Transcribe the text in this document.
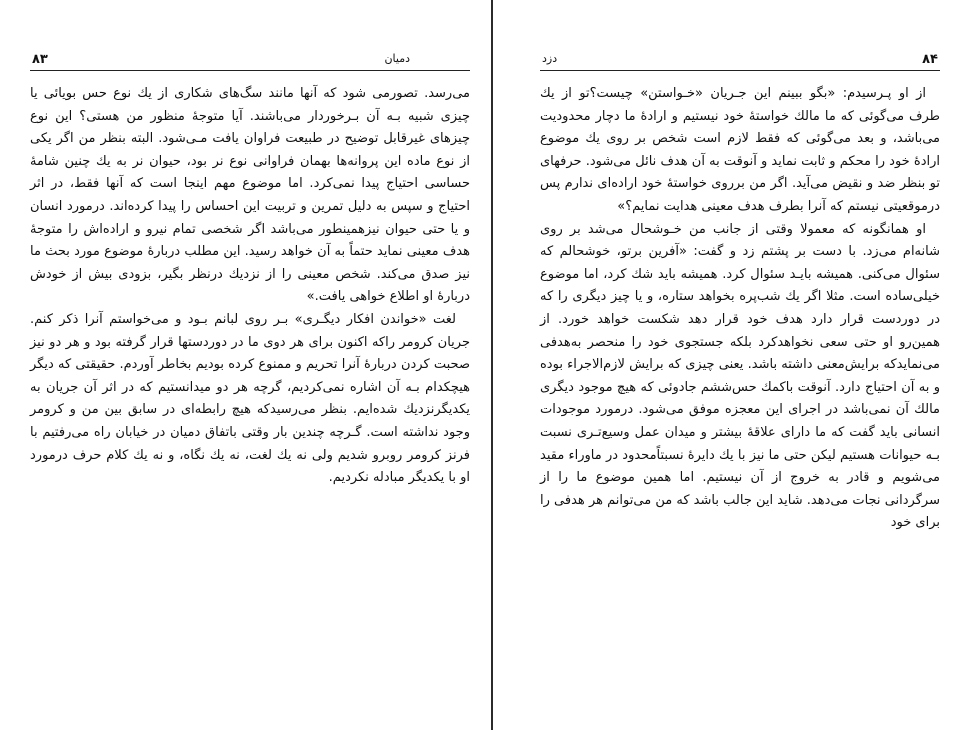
۸۳	دمیان

می‌رسد. تصورمی شود که آنها مانند سگ‌های شکاری از یك نوع حس بویائی یا چیزی شبیه بـه آن بـرخوردار می‌باشند. آیا متوجهٔ منظور من هستی؟ این نوع چیزهای غیرقابل توضیح در طبیعت فراوان یافت مـی‌شود. البته بنظر من اگر یکی از نوع ماده این پروانه‌ها بهمان فراوانی نوع نر بود، حیوان نر به یك چنین شامهٔ حساسی احتیاج پیدا نمی‌کرد. اما موضوع مهم اینجا است که آنها فقط، در اثر احتیاج و سپس به دلیل تمرین و تربیت این احساس را پیدا کرده‌اند. درمورد انسان و یا حتی حیوان نیزهمینطور می‌باشد اگر شخصی تمام نیرو و اراده‌اش را متوجهٔ هدف معینی نماید حتماً به آن خواهد رسید. این مطلب دربارهٔ موضوع مورد بحث ما نیز صدق می‌کند. شخص معینی را از نزدیك درنظر بگیر، بزودی بیش از خودش دربارهٔ او اطلاع خواهی یافت.»

لغت «خواندن افکار دیگـری» بـر روی لبانم بـود و می‌خواستم آنرا ذکر کنم. جریان کرومر راکه اکنون برای هر دوی ما در دوردستها قرار گرفته بود و هر دو نیز صحبت کردن دربارهٔ آنرا تحریم و ممنوع کرده بودیم بخاطر آوردم. حقیقتی که دیگر هیچکدام بـه آن اشاره نمی‌کردیم، گرچه هر دو میدانستیم که در اثر آن جریان به یکدیگرنزدیك شده‌ایم. بنظر می‌رسیدکه هیچ رابطه‌ای در سابق بین من و کرومر وجود نداشته است. گـرچه چندین بار وقتی باتفاق دمیان در خیابان راه می‌رفتیم با فرنز کرومر روبرو شدیم ولی نه یك لغت، نه یك نگاه، و نه یك کلام حرف درمورد او با یکدیگر مبادله نکردیم.

۸۴
دزد

از او پـرسیدم: «بگو ببینم این جـریان «خـواستن» چیست؟تو از یك طرف می‌گوئی که ما مالك خواستهٔ خود نیستیم و ارادهٔ ما دچار محدودیت می‌باشد، و بعد می‌گوئی که فقط لازم است شخص بر روی یك موضوع ارادهٔ خود را محکم و ثابت نماید و آنوقت به آن هدف نائل می‌شود. حرفهای تو بنظر ضد و نقیض می‌آید. اگر من برروی خواستهٔ خود اراده‌ای ندارم پس درموقعیتی نیستم که آنرا بطرف هدف معینی هدایت نمایم؟»

او همانگونه که معمولا وقتی از جانب من خـوشحال می‌شد بر روی شانه‌ام می‌زد. با دست بر پشتم زد و گفت: «آفرین برتو، خوشحالم که سئوال می‌کنی. همیشه بایـد سئوال کرد. همیشه باید شك کرد، اما موضوع خیلی‌ساده است. مثلا اگر یك شب‌پره بخواهد ستاره، و یا چیز دیگری را که در دوردست قرار دارد هدف خود قرار دهد شکست خواهد خورد. از همین‌رو او حتی سعی نخواهدکرد بلکه جستجوی خود را منحصر به‌هدفی می‌نمایدکه برایش‌معنی داشته باشد. یعنی چیزی که برایش لازم‌الاجراء بوده و به آن احتیاج دارد. آنوقت باکمك حس‌ششم جادوئی که هیچ موجود دیگری مالك آن نمی‌باشد در اجرای این معجزه موفق می‌شود. درمورد موجودات انسانی باید گفت که ما دارای علاقهٔ بیشتر و میدان عمل وسیع‌تـری نسبت بـه حیوانات هستیم لیکن حتی ما نیز با یك دایرهٔ نسبتاًمحدود در ماوراء مقید می‌شویم و قادر به خروج از آن نیستیم. اما همین موضوع ما را از سرگردانی نجات می‌دهد. شاید این جالب باشد که من می‌توانم هر هدفی را برای خود
